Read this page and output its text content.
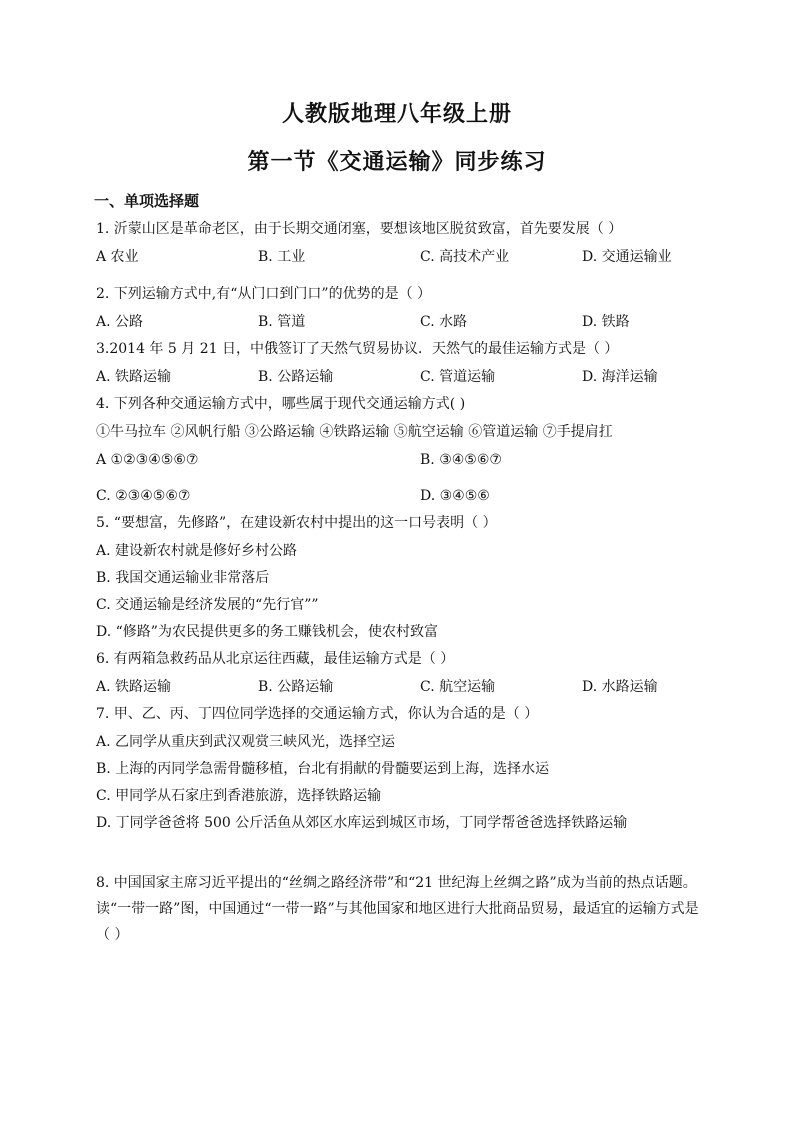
人教版地理八年级上册
第一节《交通运输》同步练习
一、单项选择题
1. 沂蒙山区是革命老区，由于长期交通闭塞，要想该地区脱贫致富，首先要发展（ ）
A 农业	B. 工业	C. 高技术产业	D. 交通运输业
2. 下列运输方式中,有“从门口到门口”的优势的是（ ）
A. 公路	B. 管道	C. 水路	D. 铁路
3.2014 年 5 月 21 日，中俄签订了天然气贸易协议．天然气的最佳运输方式是（ ）
A. 铁路运输	B. 公路运输	C. 管道运输	D. 海洋运输
4. 下列各种交通运输方式中，哪些属于现代交通运输方式( )
①牛马拉车 ②风帆行船 ③公路运输 ④铁路运输 ⑤航空运输 ⑥管道运输 ⑦手提肩扛
A ①②③④⑤⑥⑦	B. ③④⑤⑥⑦
C. ②③④⑤⑥⑦	D. ③④⑤⑥
5. “要想富，先修路”，在建设新农村中提出的这一口号表明（ ）
A. 建设新农村就是修好乡村公路
B. 我国交通运输业非常落后
C. 交通运输是经济发展的“先行官””
D. “修路”为农民提供更多的务工赚钱机会，使农村致富
6. 有两箱急救药品从北京运往西藏，最佳运输方式是（ ）
A. 铁路运输	B. 公路运输	C. 航空运输	D. 水路运输
7. 甲、乙、丙、丁四位同学选择的交通运输方式，你认为合适的是（ ）
A. 乙同学从重庆到武汉观赏三峡风光，选择空运
B. 上海的丙同学急需骨髓移植，台北有捐献的骨髓要运到上海，选择水运
C. 甲同学从石家庄到香港旅游，选择铁路运输
D. 丁同学爸爸将 500 公斤活鱼从郊区水库运到城区市场，丁同学帮爸爸选择铁路运输
8. 中国国家主席习近平提出的“丝绸之路经济带”和“21 世纪海上丝绸之路”成为当前的热点话题。读“一带一路”图，中国通过“一带一路”与其他国家和地区进行大批商品贸易，最适宜的运输方式是（ ）
